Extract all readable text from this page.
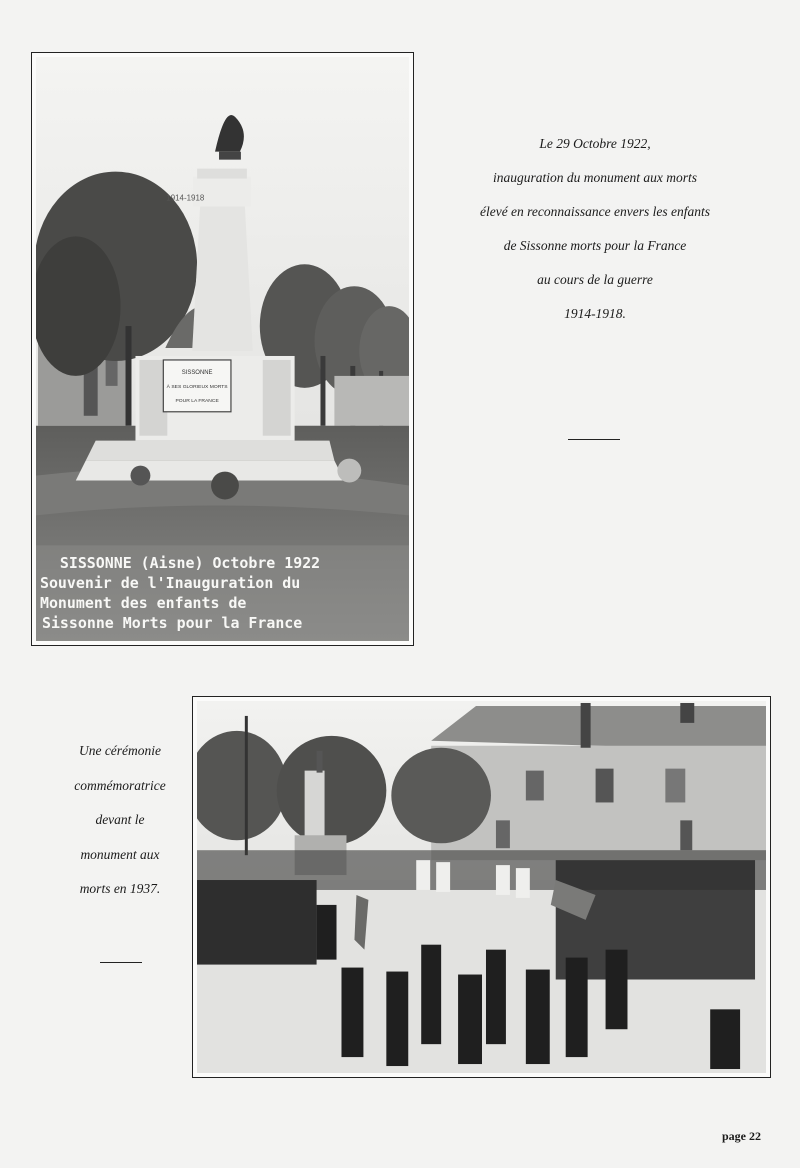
1914-1918
SISSONNE
À SES GLORIEUX MORTS
POUR LA FRANCE
SISSONNE (Aisne) Octobre 1922
Souvenir de l'Inauguration du
Monument des enfants de
Sissonne Morts pour la France
Le 29 Octobre 1922,
inauguration du monument aux morts
élevé en reconnaissance envers les enfants
de Sissonne morts pour la France
au cours de la guerre
1914-1918.
Une cérémonie
commémoratrice
devant le
monument aux
morts en 1937.
page 22
